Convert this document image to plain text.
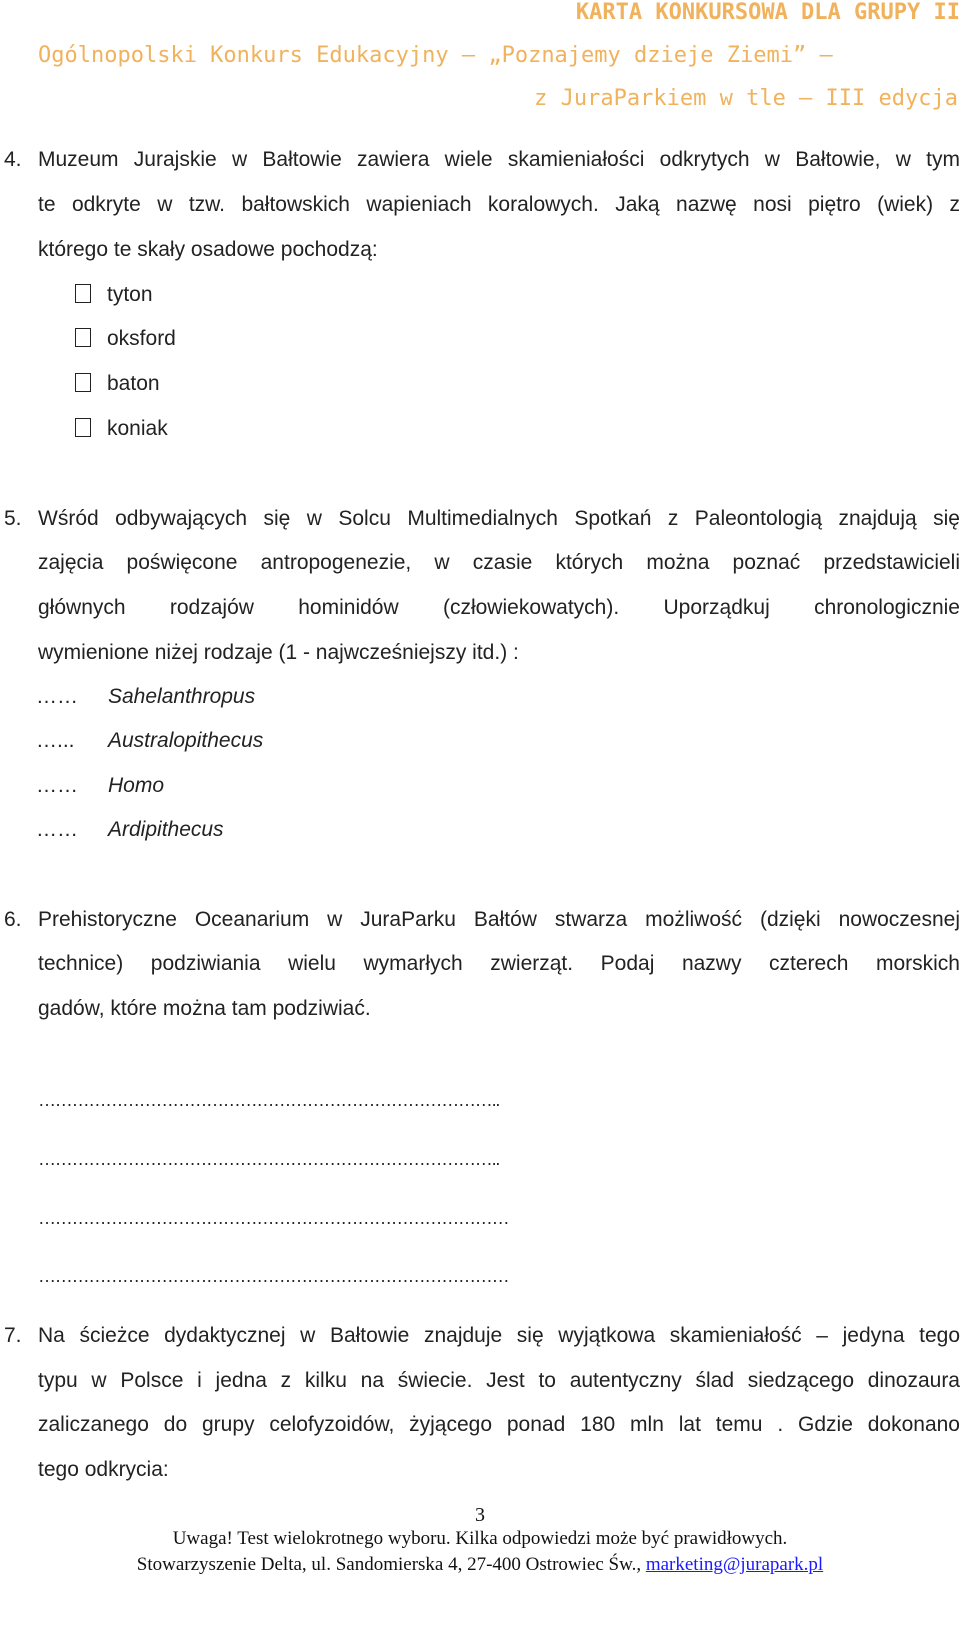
KARTA KONKURSOWA DLA GRUPY II
Ogólnopolski Konkurs Edukacyjny – „Poznajemy dzieje Ziemi” –
z JuraParkiem w tle – III edycja
4. Muzeum Jurajskie w Bałtowie zawiera wiele skamieniałości odkrytych w Bałtowie, w tym
te odkryte w tzw. bałtowskich wapieniach koralowych. Jaką nazwę nosi piętro (wiek) z
którego te skały osadowe pochodzą:
tyton
oksford
baton
koniak
5. Wśród odbywających się w Solcu Multimedialnych Spotkań z Paleontologią znajdują się
zajęcia poświęcone antropogenezie, w czasie których można poznać przedstawicieli
głównych rodzajów hominidów (człowiekowatych). Uporządkuj chronologicznie
wymienione niżej rodzaje (1 - najwcześniejszy itd.) :
…… Sahelanthropus
…... Australopithecus
…… Homo
…… Ardipithecus
6. Prehistoryczne Oceanarium w JuraParku Bałtów stwarza możliwość (dzięki nowoczesnej
technice) podziwiania wielu wymarłych zwierząt. Podaj nazwy czterech morskich
gadów, które można tam podziwiać.
………………………………………………………………………..
………………………………………………………………………..
…………………………………………………………………………
…………………………………………………………………………
7. Na ścieżce dydaktycznej w Bałtowie znajduje się wyjątkowa skamieniałość – jedyna tego
typu w Polsce i jedna z kilku na świecie. Jest to autentyczny ślad siedzącego dinozaura
zaliczanego do grupy celofyzoidów, żyjącego ponad 180 mln lat temu . Gdzie dokonano
tego odkrycia:
3
Uwaga! Test wielokrotnego wyboru. Kilka odpowiedzi może być prawidłowych.
Stowarzyszenie Delta, ul. Sandomierska 4, 27-400 Ostrowiec Św., marketing@jurapark.pl
